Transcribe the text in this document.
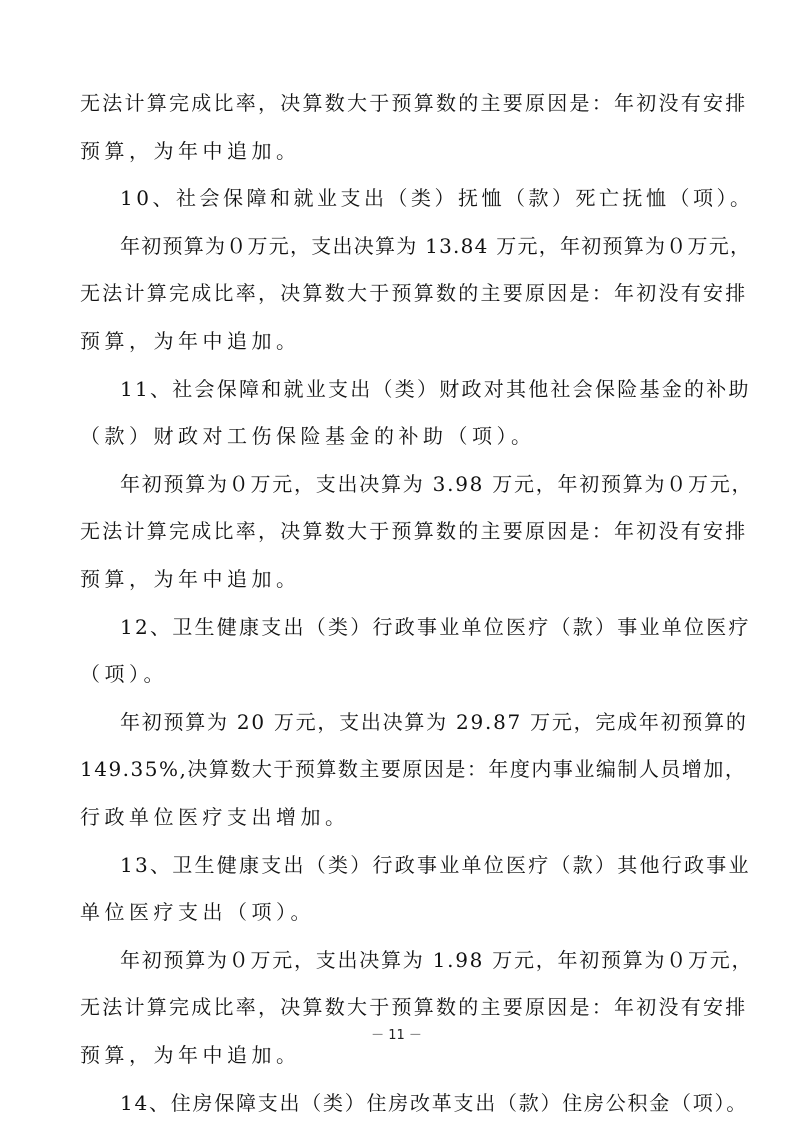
无法计算完成比率，决算数大于预算数的主要原因是：年初没有安排
预算，为年中追加。
10、社会保障和就业支出（类）抚恤（款）死亡抚恤（项）。
年初预算为０万元，支出决算为 13.84 万元，年初预算为０万元，
无法计算完成比率，决算数大于预算数的主要原因是：年初没有安排
预算，为年中追加。
11、社会保障和就业支出（类）财政对其他社会保险基金的补助
（款）财政对工伤保险基金的补助（项）。
年初预算为０万元，支出决算为 3.98 万元，年初预算为０万元，
无法计算完成比率，决算数大于预算数的主要原因是：年初没有安排
预算，为年中追加。
12、卫生健康支出（类）行政事业单位医疗（款）事业单位医疗
（项）。
年初预算为 20 万元，支出决算为 29.87 万元，完成年初预算的
149.35%,决算数大于预算数主要原因是：年度内事业编制人员增加，
行政单位医疗支出增加。
13、卫生健康支出（类）行政事业单位医疗（款）其他行政事业
单位医疗支出（项）。
年初预算为０万元，支出决算为 1.98 万元，年初预算为０万元，
无法计算完成比率，决算数大于预算数的主要原因是：年初没有安排
预算，为年中追加。
14、住房保障支出（类）住房改革支出（款）住房公积金（项）。
－ 11 －
